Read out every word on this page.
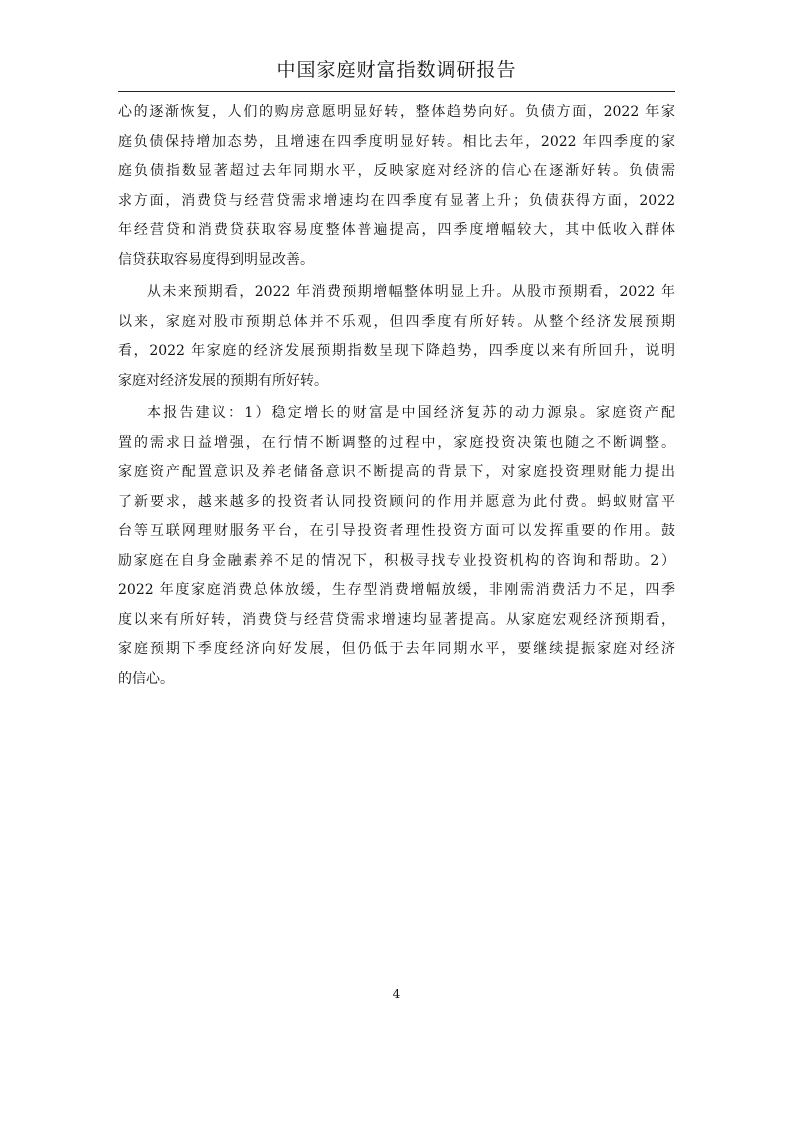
中国家庭财富指数调研报告
心的逐渐恢复，人们的购房意愿明显好转，整体趋势向好。负债方面，2022 年家
庭负债保持增加态势，且增速在四季度明显好转。相比去年，2022 年四季度的家
庭负债指数显著超过去年同期水平，反映家庭对经济的信心在逐渐好转。负债需
求方面，消费贷与经营贷需求增速均在四季度有显著上升；负债获得方面，2022
年经营贷和消费贷获取容易度整体普遍提高，四季度增幅较大，其中低收入群体
信贷获取容易度得到明显改善。
从未来预期看，2022 年消费预期增幅整体明显上升。从股市预期看，2022 年
以来，家庭对股市预期总体并不乐观，但四季度有所好转。从整个经济发展预期
看，2022 年家庭的经济发展预期指数呈现下降趋势，四季度以来有所回升，说明
家庭对经济发展的预期有所好转。
本报告建议：1）稳定增长的财富是中国经济复苏的动力源泉。家庭资产配
置的需求日益增强，在行情不断调整的过程中，家庭投资决策也随之不断调整。
家庭资产配置意识及养老储备意识不断提高的背景下，对家庭投资理财能力提出
了新要求，越来越多的投资者认同投资顾问的作用并愿意为此付费。蚂蚁财富平
台等互联网理财服务平台，在引导投资者理性投资方面可以发挥重要的作用。鼓
励家庭在自身金融素养不足的情况下，积极寻找专业投资机构的咨询和帮助。2）
2022 年度家庭消费总体放缓，生存型消费增幅放缓，非刚需消费活力不足，四季
度以来有所好转，消费贷与经营贷需求增速均显著提高。从家庭宏观经济预期看，
家庭预期下季度经济向好发展，但仍低于去年同期水平，要继续提振家庭对经济
的信心。
4
